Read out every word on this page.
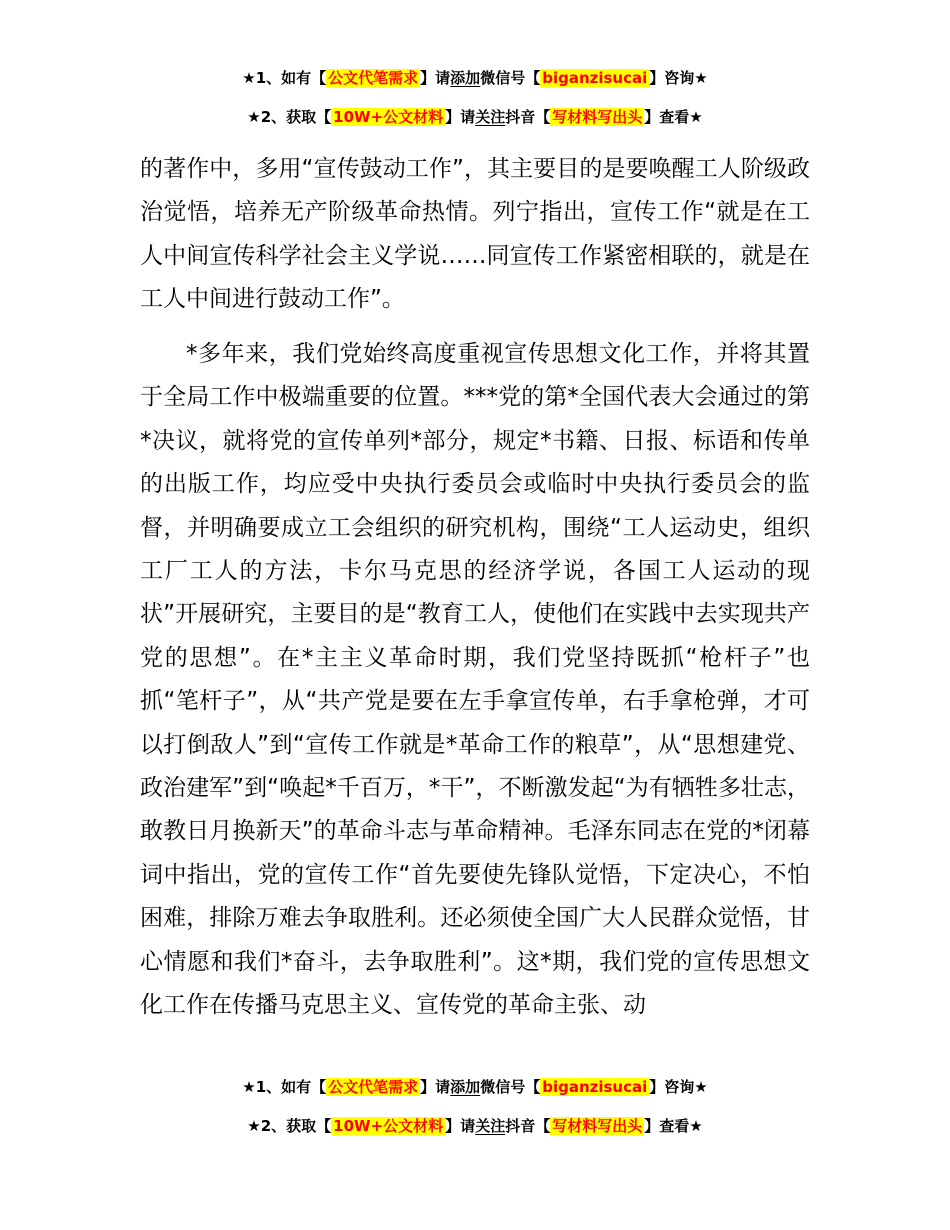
★1、如有【 公文代笔需求 】请添加微信号【 biganzisucai 】咨询★
★2、获取【 10W+公文材料 】请关注抖音【 写材料写出头 】查看★

的著作中，多用“宣传鼓动工作”，其主要目的是要唤醒工人阶级政治觉悟，培养无产阶级革命热情。列宁指出，宣传工作“就是在工人中间宣传科学社会主义学说……同宣传工作紧密相联的，就是在工人中间进行鼓动工作”。

*多年来，我们党始终高度重视宣传思想文化工作，并将其置于全局工作中极端重要的位置。***党的第*全国代表大会通过的第*决议，就将党的宣传单列*部分，规定*书籍、日报、标语和传单的出版工作，均应受中央执行委员会或临时中央执行委员会的监督，并明确要成立工会组织的研究机构，围绕“工人运动史，组织工厂工人的方法，卡尔马克思的经济学说，各国工人运动的现状”开展研究，主要目的是“教育工人，使他们在实践中去实现共产党的思想”。在*主主义革命时期，我们党坚持既抓“枪杆子”也抓“笔杆子”，从“共产党是要在左手拿宣传单，右手拿枪弹，才可以打倒敌人”到“宣传工作就是*革命工作的粮草”，从“思想建党、政治建军”到“唤起*千百万，*干”，不断激发起“为有牺牲多壮志，敢教日月换新天”的革命斗志与革命精神。毛泽东同志在党的*闭幕词中指出，党的宣传工作“首先要使先锋队觉悟，下定决心，不怕困难，排除万难去争取胜利。还必须使全国广大人民群众觉悟，甘心情愿和我们*奋斗，去争取胜利”。这*期，我们党的宣传思想文化工作在传播马克思主义、宣传党的革命主张、动

★1、如有【 公文代笔需求 】请添加微信号【 biganzisucai 】咨询★
★2、获取【 10W+公文材料 】请关注抖音【 写材料写出头 】查看★
